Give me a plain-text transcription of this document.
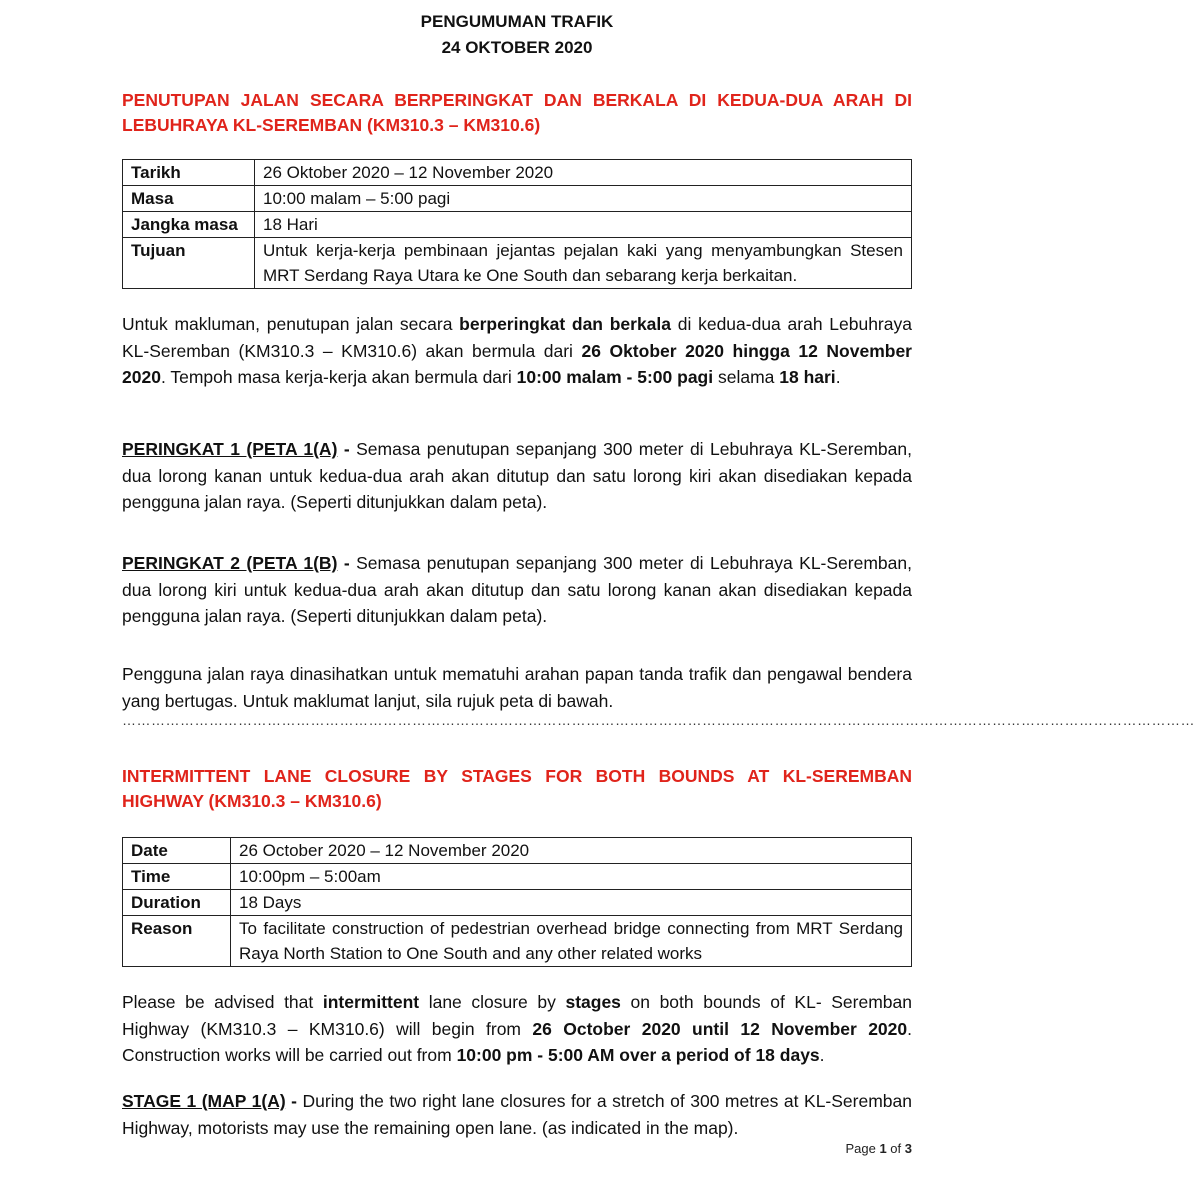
PENGUMUMAN TRAFIK
24 OKTOBER 2020
PENUTUPAN JALAN SECARA BERPERINGKAT DAN BERKALA DI KEDUA-DUA ARAH DI LEBUHRAYA KL-SEREMBAN (KM310.3 – KM310.6)
Tarikh	26 Oktober 2020 – 12 November 2020
Masa	10:00 malam – 5:00 pagi
Jangka masa	18 Hari
Tujuan	Untuk kerja-kerja pembinaan jejantas pejalan kaki yang menyambungkan Stesen MRT Serdang Raya Utara ke One South dan sebarang kerja berkaitan.
Untuk makluman, penutupan jalan secara berperingkat dan berkala di kedua-dua arah Lebuhraya KL-Seremban (KM310.3 – KM310.6) akan bermula dari 26 Oktober 2020 hingga 12 November 2020. Tempoh masa kerja-kerja akan bermula dari 10:00 malam - 5:00 pagi selama 18 hari.
PERINGKAT 1 (PETA 1(A) - Semasa penutupan sepanjang 300 meter di Lebuhraya KL-Seremban, dua lorong kanan untuk kedua-dua arah akan ditutup dan satu lorong kiri akan disediakan kepada pengguna jalan raya. (Seperti ditunjukkan dalam peta).
PERINGKAT 2 (PETA 1(B) - Semasa penutupan sepanjang 300 meter di Lebuhraya KL-Seremban, dua lorong kiri untuk kedua-dua arah akan ditutup dan satu lorong kanan akan disediakan kepada pengguna jalan raya. (Seperti ditunjukkan dalam peta).
Pengguna jalan raya dinasihatkan untuk mematuhi arahan papan tanda trafik dan pengawal bendera yang bertugas. Untuk maklumat lanjut, sila rujuk peta di bawah.
……………………………………………………………………………………………………………………………………………………………………………………………………
INTERMITTENT LANE CLOSURE BY STAGES FOR BOTH BOUNDS AT KL-SEREMBAN HIGHWAY (KM310.3 – KM310.6)
Date	26 October 2020 – 12 November 2020
Time	10:00pm – 5:00am
Duration	18 Days
Reason	To facilitate construction of pedestrian overhead bridge connecting from MRT Serdang Raya North Station to One South and any other related works
Please be advised that intermittent lane closure by stages on both bounds of KL- Seremban Highway (KM310.3 – KM310.6) will begin from 26 October 2020 until 12 November 2020. Construction works will be carried out from 10:00 pm - 5:00 AM over a period of 18 days.
STAGE 1 (MAP 1(A) - During the two right lane closures for a stretch of 300 metres at KL-Seremban Highway, motorists may use the remaining open lane. (as indicated in the map).
Page 1 of 3
